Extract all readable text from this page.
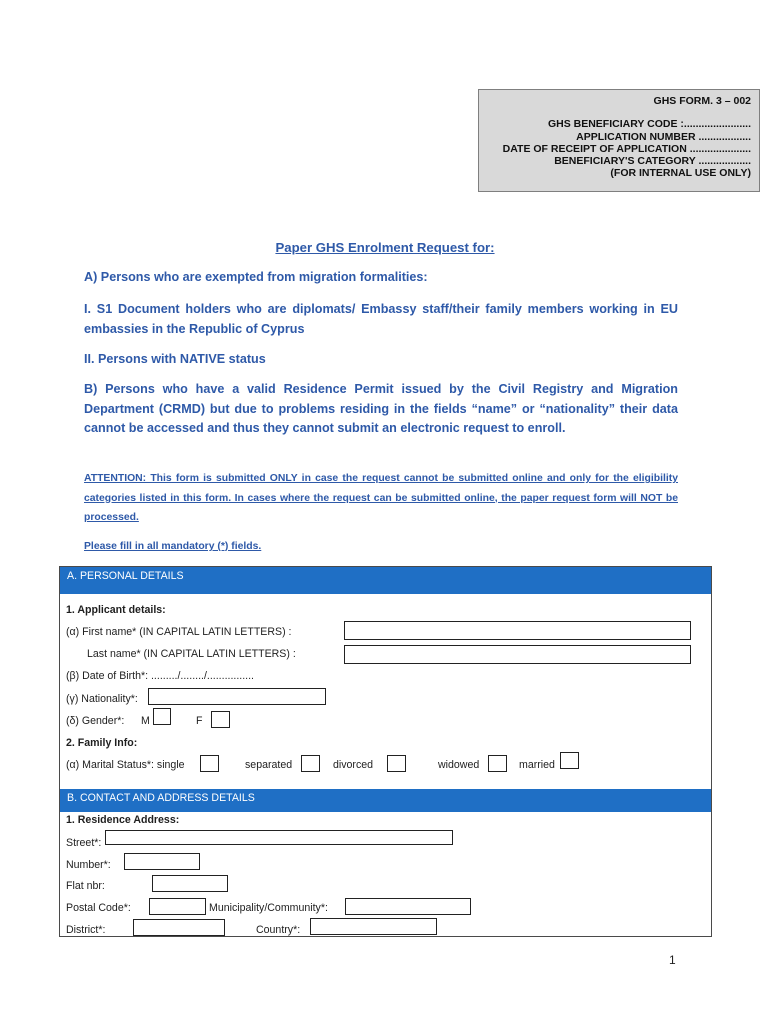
GHS FORM. 3 – 002
GHS BENEFICIARY CODE :.......................
APPLICATION NUMBER ..................
DATE OF RECEIPT OF APPLICATION .....................
BENEFICIARY'S CATEGORY ..................
(FOR INTERNAL USE ONLY)
Paper GHS Enrolment Request for:
A) Persons who are exempted from migration formalities:
I. S1 Document holders who are diplomats/ Embassy staff/their family members working in EU embassies in the Republic of Cyprus
II. Persons with NATIVE status
B) Persons who have a valid Residence Permit issued by the Civil Registry and Migration Department (CRMD) but due to problems residing in the fields “name” or “nationality” their data cannot be accessed and thus they cannot submit an electronic request to enroll.
ATTENTION: This form is submitted ONLY in case the request cannot be submitted online and only for the eligibility categories listed in this form. In cases where the request can be submitted online, the paper request form will NOT be processed.
Please fill in all mandatory (*) fields.
A. PERSONAL DETAILS
1. Applicant details:
(α) First name* (IN CAPITAL LATIN LETTERS) :
Last name* (IN CAPITAL LATIN LETTERS) :
(β) Date of Birth*: ........./......../................
(γ) Nationality*:
(δ) Gender*: M	F
2. Family Info:
(α) Marital Status*: single	separated	divorced	widowed	married
B. CONTACT AND ADDRESS DETAILS
1. Residence Address:
Street*:
Number*:
Flat nbr:
Postal Code*:	Municipality/Community*:
District*:	Country*:
1
